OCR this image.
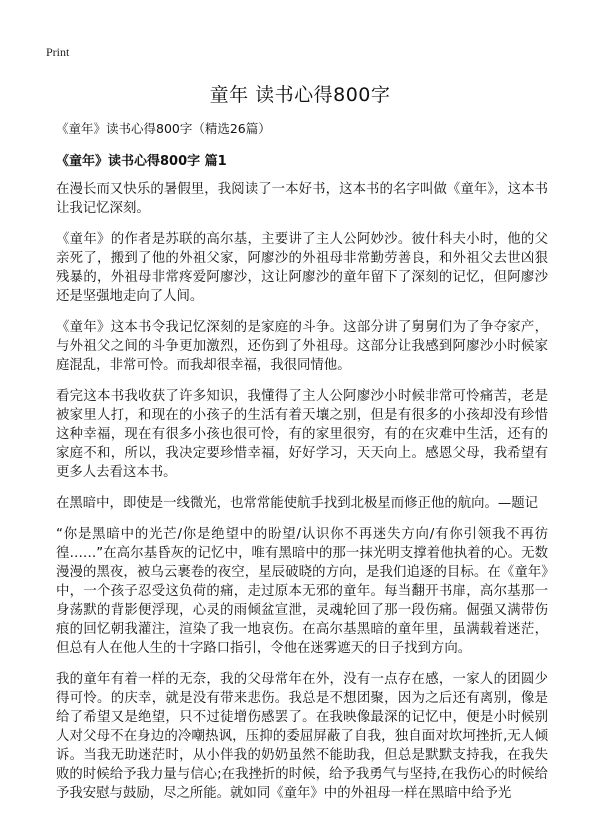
Print
童年 读书心得800字
《童年》读书心得800字（精选26篇）
《童年》读书心得800字 篇1

在漫长而又快乐的暑假里，我阅读了一本好书，这本书的名字叫做《童年》，这本书让我记忆深刻。

《童年》的作者是苏联的高尔基，主要讲了主人公阿妙沙。彼什科夫小时，他的父亲死了，搬到了他的外祖父家，阿廖沙的外祖母非常勤劳善良，和外祖父去世凶狠残暴的，外祖母非常疼爱阿廖沙，这让阿廖沙的童年留下了深刻的记忆，但阿廖沙还是坚强地走向了人间。

《童年》这本书令我记忆深刻的是家庭的斗争。这部分讲了舅舅们为了争夺家产，与外祖父之间的斗争更加激烈，还伤到了外祖母。这部分让我感到阿廖沙小时候家庭混乱，非常可怜。而我却很幸福，我很同情他。

看完这本书我收获了许多知识，我懂得了主人公阿廖沙小时候非常可怜痛苦，老是被家里人打，和现在的小孩子的生活有着天壤之别，但是有很多的小孩却没有珍惜这种幸福，现在有很多小孩也很可怜，有的家里很穷，有的在灾难中生活，还有的家庭不和，所以，我决定要珍惜幸福，好好学习，天天向上。感恩父母，我希望有更多人去看这本书。

在黑暗中，即使是一线微光，也常常能使航手找到北极星而修正他的航向。—题记

“你是黑暗中的光芒/你是绝望中的盼望/认识你不再迷失方向/有你引领我不再彷徨……”在高尔基昏灰的记忆中，唯有黑暗中的那一抹光明支撑着他执着的心。无数漫漫的黑夜，被乌云裹卷的夜空，星辰破晓的方向，是我们追逐的目标。在《童年》中，一个孩子忍受这负荷的痛，走过原本无邪的童年。每当翻开书扉，高尔基那一身荡默的背影便浮现，心灵的雨倾盆宣泄，灵魂轮回了那一段伤痛。倔强又满带伤痕的回忆朝我灌注，渲染了我一地哀伤。在高尔基黑暗的童年里，虽满载着迷茫，但总有人在他人生的十字路口指引，令他在迷雾遮天的日子找到方向。

我的童年有着一样的无奈，我的父母常年在外，没有一点存在感，一家人的团圆少得可怜。的庆幸，就是没有带来悲伤。我总是不想团聚，因为之后还有离别，像是给了希望又是绝望，只不过徒增伤感罢了。在我映像最深的记忆中，便是小时候别人对父母不在身边的冷嘲热讽，压抑的委屈屏蔽了自我，独自面对坎坷挫折,无人倾诉。当我无助迷茫时，从小伴我的奶奶虽然不能助我，但总是默默支持我，在我失败的时候给予我力量与信心;在我挫折的时候，给予我勇气与坚持,在我伤心的时候给予我安慰与鼓励，尽之所能。就如同《童年》中的外祖母一样在黑暗中给予光
